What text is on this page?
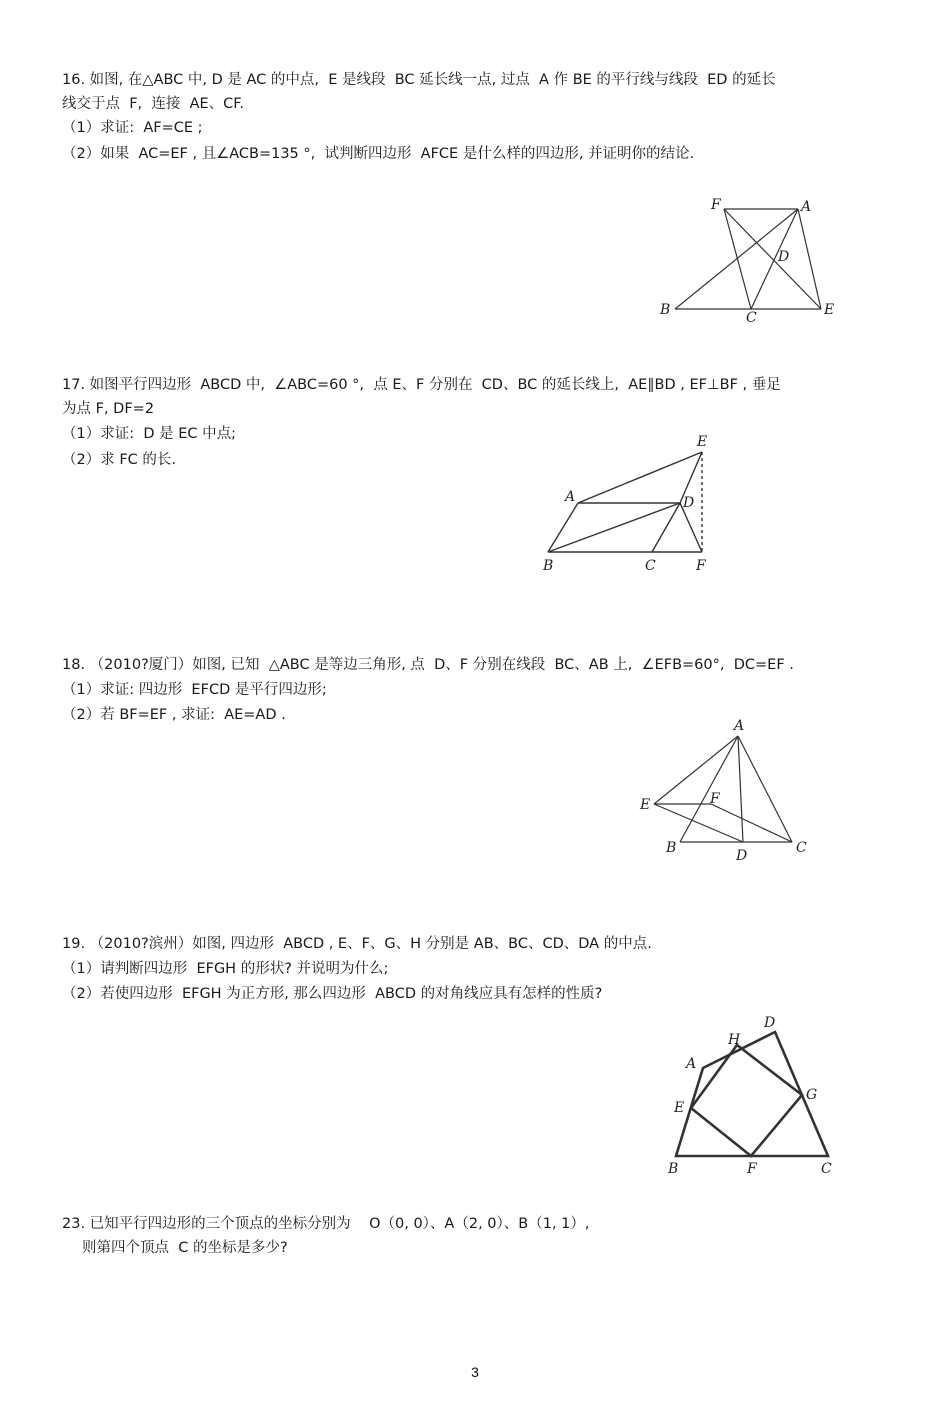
16. 如图, 在△ABC 中, D 是 AC 的中点,  E 是线段  BC 延长线一点, 过点  A 作 BE 的平行线与线段  ED 的延长
线交于点  F,  连接  AE、CF.
（1）求证:  AF=CE ;
（2）如果  AC=EF , 且∠ACB=135 °,  试判断四边形  AFCE 是什么样的四边形, 并证明你的结论.
F	A
D
B	C	E
17. 如图平行四边形  ABCD 中,  ∠ABC=60 °,  点 E、F 分别在  CD、BC 的延长线上,  AE∥BD , EF⊥BF , 垂足
为点 F, DF=2
（1）求证:  D 是 EC 中点;
（2）求 FC 的长.
E
A	D
B	C	F
18. （2010?厦门）如图, 已知  △ABC 是等边三角形, 点  D、F 分别在线段  BC、AB 上,  ∠EFB=60°,  DC=EF .
（1）求证: 四边形  EFCD 是平行四边形;
（2）若 BF=EF , 求证:  AE=AD .
A
E	F
B	D	C
19. （2010?滨州）如图, 四边形  ABCD , E、F、G、H 分别是 AB、BC、CD、DA 的中点.
（1）请判断四边形  EFGH 的形状? 并说明为什么;
（2）若使四边形  EFGH 为正方形, 那么四边形  ABCD 的对角线应具有怎样的性质?
D
H
A
G
E
B	F	C
23. 已知平行四边形的三个顶点的坐标分别为    O（0, 0）、A（2, 0）、B（1, 1）,
则第四个顶点  C 的坐标是多少?
3
